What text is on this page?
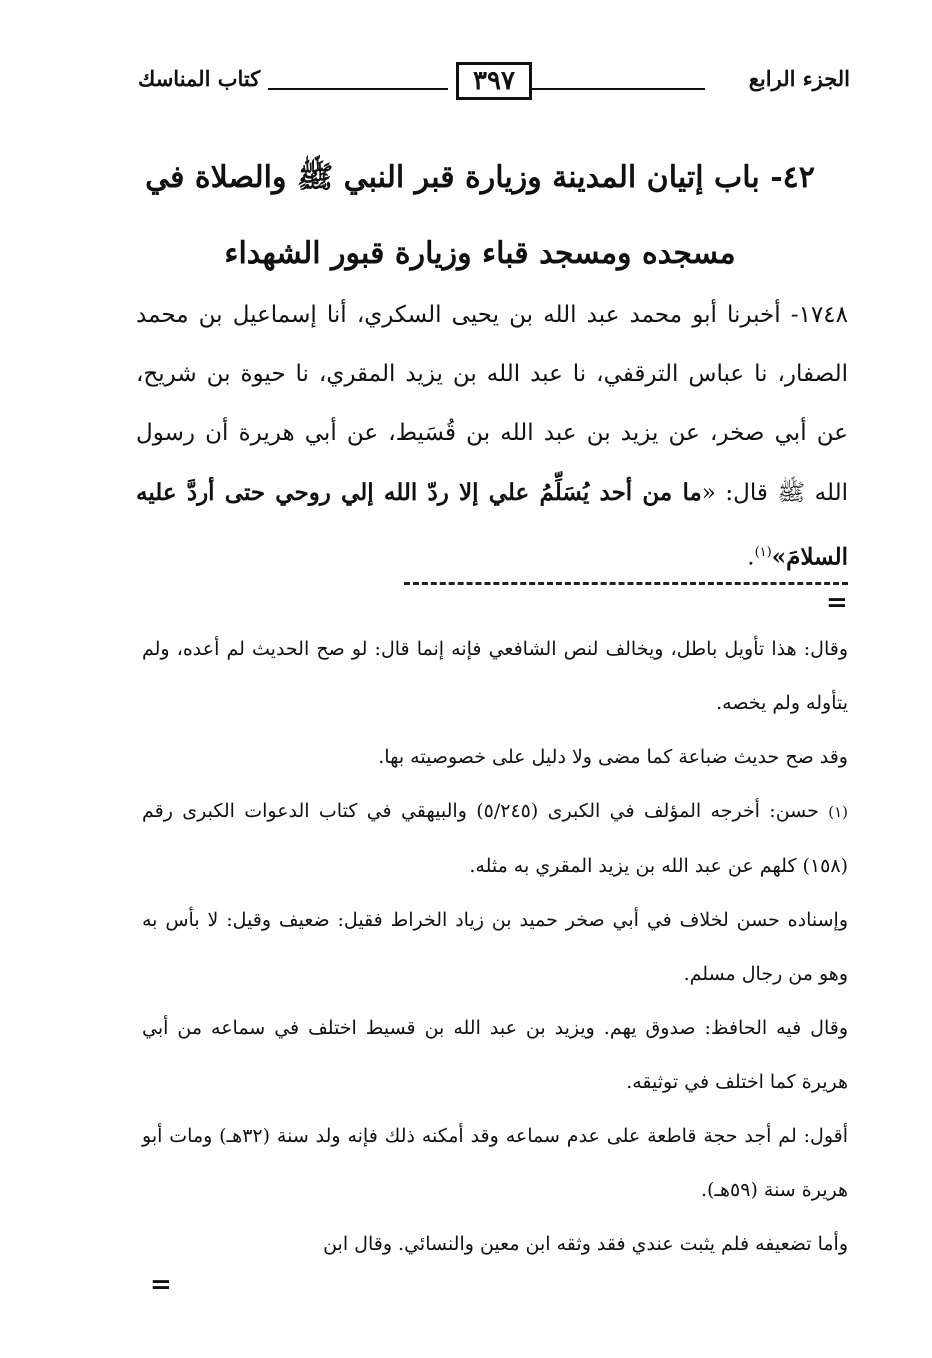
الجزء الرابع
٣٩٧
كتاب المناسك
٤٢- باب إتيان المدينة وزيارة قبر النبي ﷺ والصلاة في مسجده ومسجد قباء وزيارة قبور الشهداء

١٧٤٨- أخبرنا أبو محمد عبد الله بن يحيى السكري، أنا إسماعيل بن محمد الصفار، نا عباس الترقفي، نا عبد الله بن يزيد المقري، نا حيوة بن شريح، عن أبي صخر، عن يزيد بن عبد الله بن قُسَيط، عن أبي هريرة أن رسول الله ﷺ قال: «ما من أحد يُسَلِّمُ علي إلا ردّ الله إلي روحي حتى أردَّ عليه السلامَ»$^{(١)}$.

=

وقال: هذا تأويل باطل، ويخالف لنص الشافعي فإنه إنما قال: لو صح الحديث لم أعده، ولم يتأوله ولم يخصه.

وقد صح حديث ضباعة كما مضى ولا دليل على خصوصيته بها.

(١) حسن: أخرجه المؤلف في الكبرى (٥/٢٤٥) والبيهقي في كتاب الدعوات الكبرى رقم (١٥٨) كلهم عن عبد الله بن يزيد المقري به مثله.

وإسناده حسن لخلاف في أبي صخر حميد بن زياد الخراط فقيل: ضعيف وقيل: لا بأس به وهو من رجال مسلم.

وقال فيه الحافظ: صدوق يهم. ويزيد بن عبد الله بن قسيط اختلف في سماعه من أبي هريرة كما اختلف في توثيقه.

أقول: لم أجد حجة قاطعة على عدم سماعه وقد أمكنه ذلك فإنه ولد سنة (٣٢هـ) ومات أبو هريرة سنة (٥٩هـ).

وأما تضعيفه فلم يثبت عندي فقد وثقه ابن معين والنسائي. وقال ابن

=
